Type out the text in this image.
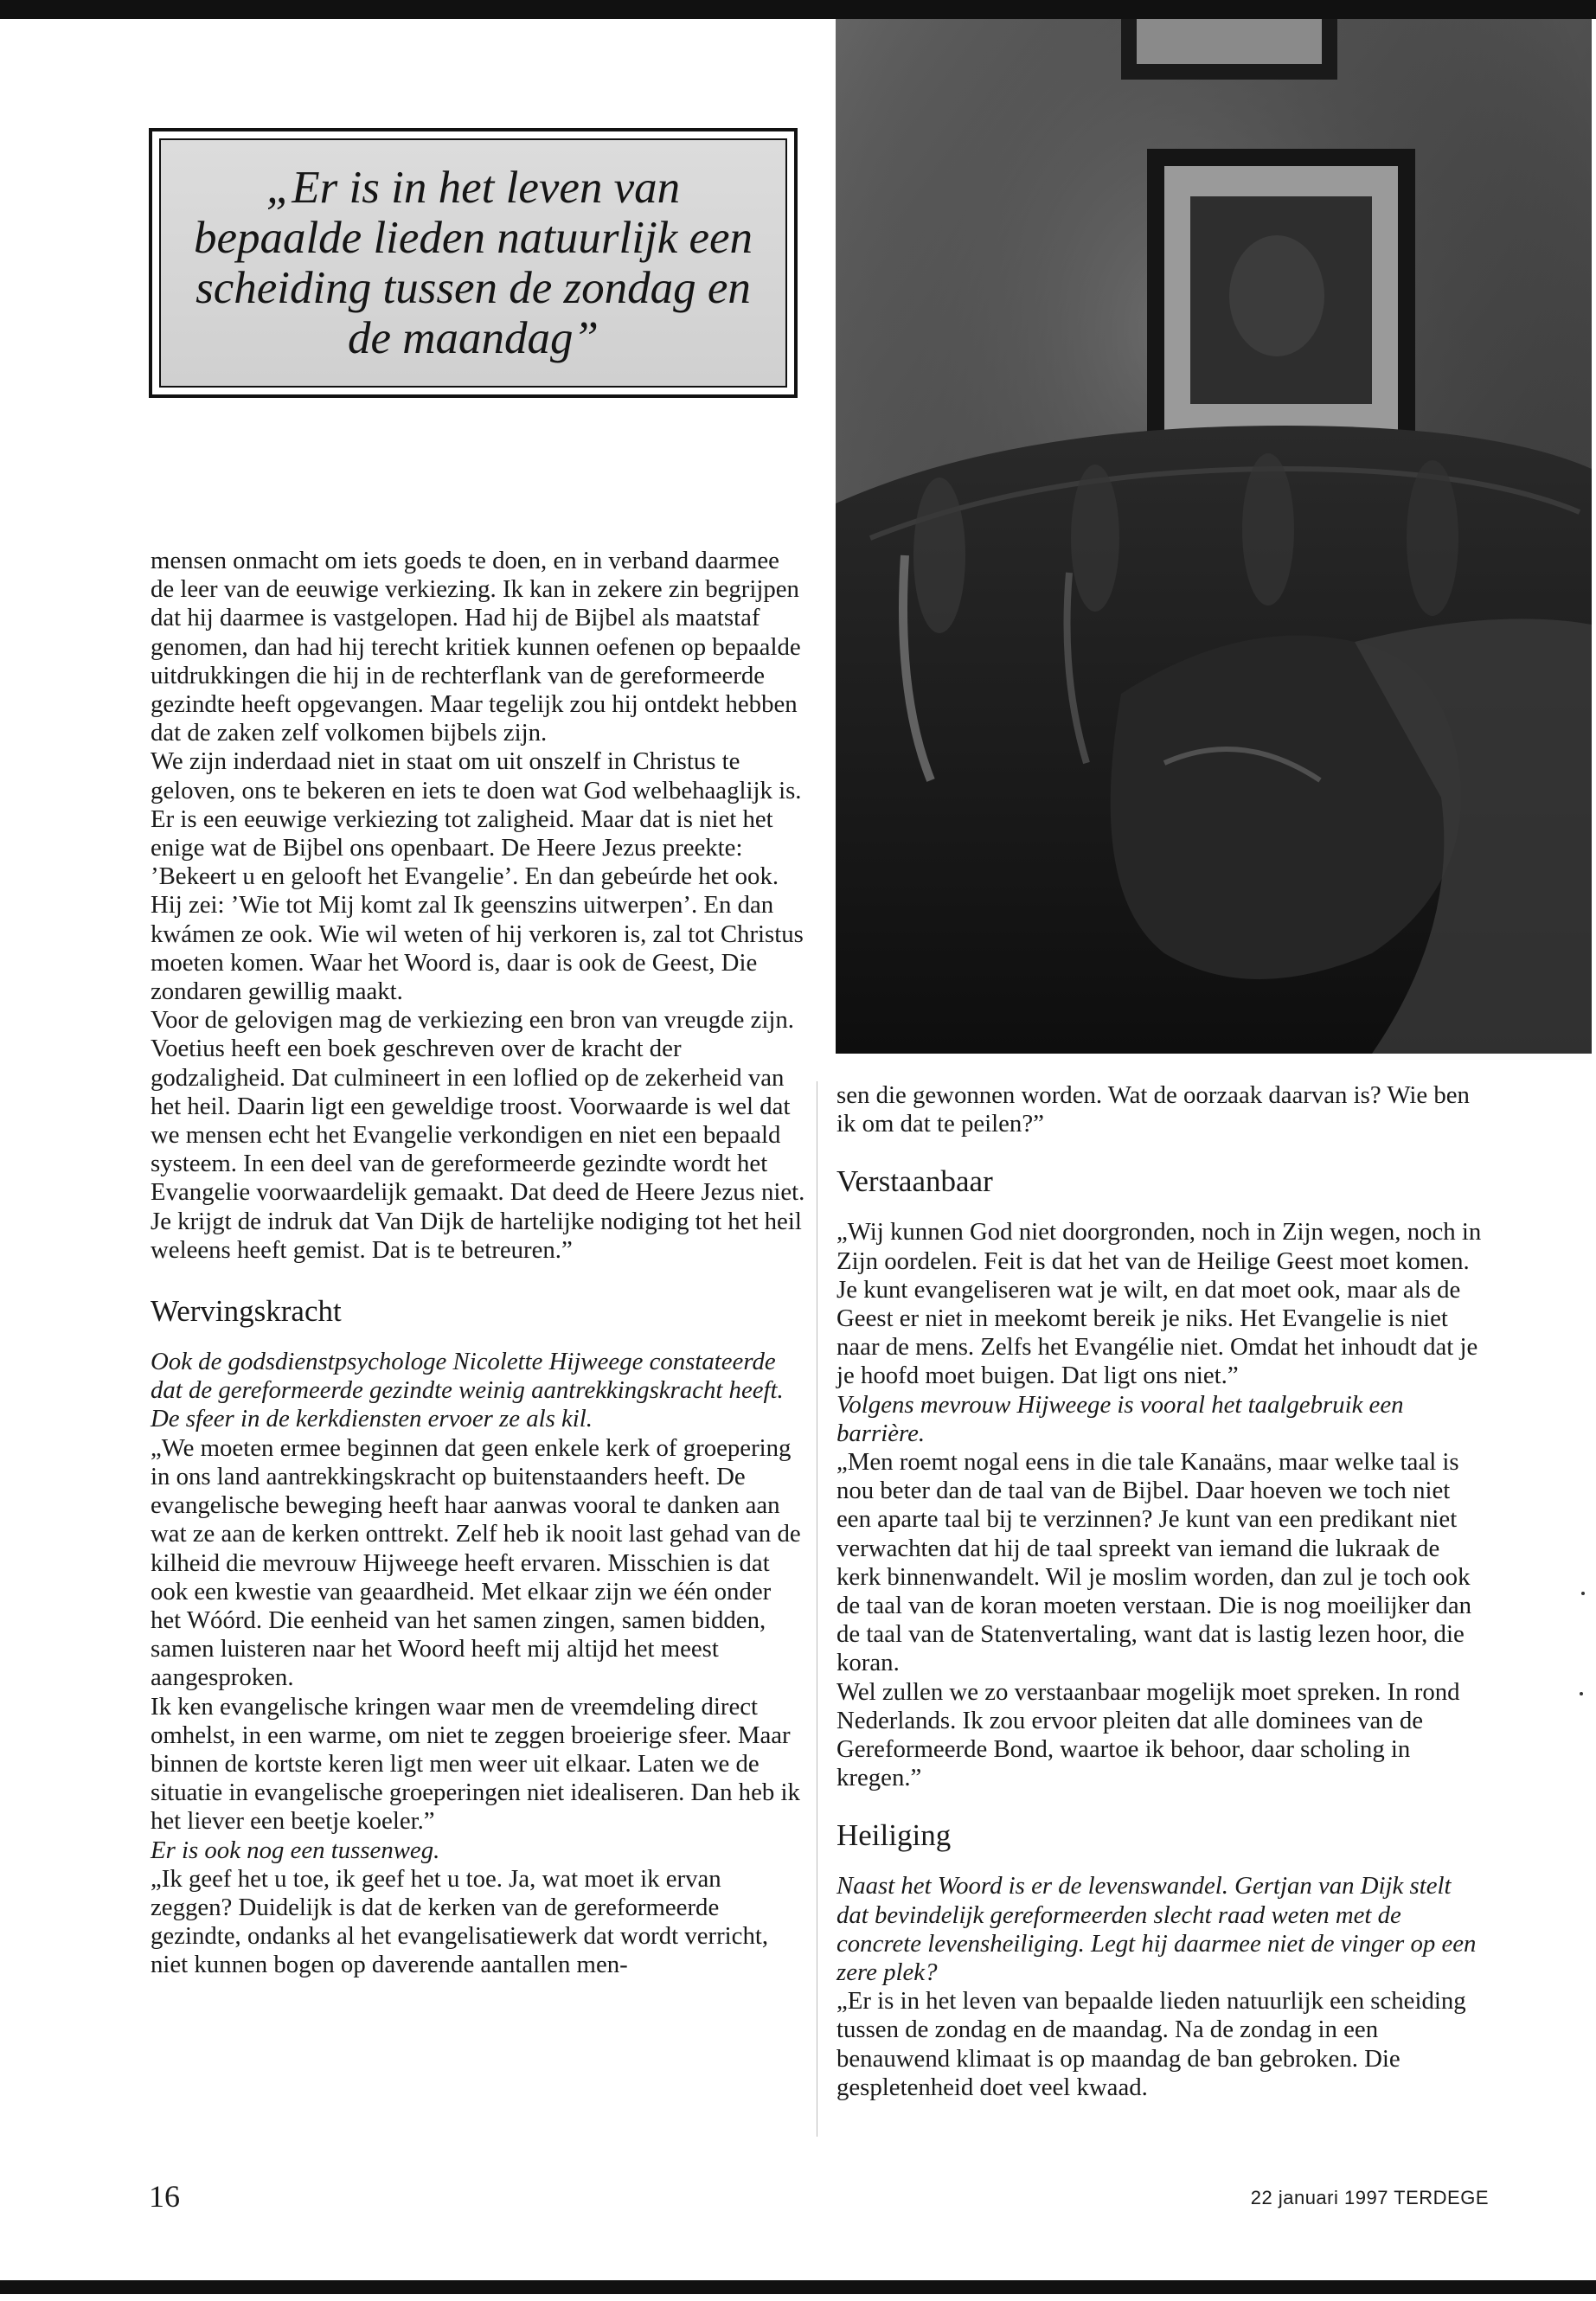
„Er is in het leven van bepaalde lieden natuurlijk een scheiding tussen de zondag en de maandag”

mensen onmacht om iets goeds te doen, en in verband daarmee de leer van de eeuwige verkiezing. Ik kan in zekere zin begrijpen dat hij daarmee is vastgelopen. Had hij de Bijbel als maatstaf genomen, dan had hij terecht kritiek kunnen oefenen op bepaalde uitdrukkingen die hij in de rechterflank van de gereformeerde gezindte heeft opgevangen. Maar tegelijk zou hij ontdekt hebben dat de zaken zelf volkomen bijbels zijn.

We zijn inderdaad niet in staat om uit onszelf in Christus te geloven, ons te bekeren en iets te doen wat God welbehaaglijk is. Er is een eeuwige verkiezing tot zaligheid. Maar dat is niet het enige wat de Bijbel ons openbaart. De Heere Jezus preekte: ’Bekeert u en gelooft het Evangelie’. En dan gebeúrde het ook. Hij zei: ’Wie tot Mij komt zal Ik geenszins uitwerpen’. En dan kwámen ze ook. Wie wil weten of hij verkoren is, zal tot Christus moeten komen. Waar het Woord is, daar is ook de Geest, Die zondaren gewillig maakt.

Voor de gelovigen mag de verkiezing een bron van vreugde zijn. Voetius heeft een boek geschreven over de kracht der godzaligheid. Dat culmineert in een loflied op de zekerheid van het heil. Daarin ligt een geweldige troost. Voorwaarde is wel dat we mensen echt het Evangelie verkondigen en niet een bepaald systeem. In een deel van de gereformeerde gezindte wordt het Evangelie voorwaardelijk gemaakt. Dat deed de Heere Jezus niet. Je krijgt de indruk dat Van Dijk de hartelijke nodiging tot het heil weleens heeft gemist. Dat is te betreuren.”

Wervingskracht

Ook de godsdienstpsychologe Nicolette Hijweege constateerde dat de gereformeerde gezindte weinig aantrekkingskracht heeft. De sfeer in de kerkdiensten ervoer ze als kil.

„We moeten ermee beginnen dat geen enkele kerk of groepering in ons land aantrekkingskracht op buitenstaanders heeft. De evangelische beweging heeft haar aanwas vooral te danken aan wat ze aan de kerken onttrekt. Zelf heb ik nooit last gehad van de kilheid die mevrouw Hijweege heeft ervaren. Misschien is dat ook een kwestie van geaardheid. Met elkaar zijn we één onder het Wóórd. Die eenheid van het samen zingen, samen bidden, samen luisteren naar het Woord heeft mij altijd het meest aangesproken.

Ik ken evangelische kringen waar men de vreemdeling direct omhelst, in een warme, om niet te zeggen broeierige sfeer. Maar binnen de kortste keren ligt men weer uit elkaar. Laten we de situatie in evangelische groeperingen niet idealiseren. Dan heb ik het liever een beetje koeler.”

Er is ook nog een tussenweg.

„Ik geef het u toe, ik geef het u toe. Ja, wat moet ik ervan zeggen? Duidelijk is dat de kerken van de gereformeerde gezindte, ondanks al het evangelisatiewerk dat wordt verricht, niet kunnen bogen op daverende aantallen men-

sen die gewonnen worden. Wat de oorzaak daarvan is? Wie ben ik om dat te peilen?”

Verstaanbaar

„Wij kunnen God niet doorgronden, noch in Zijn wegen, noch in Zijn oordelen. Feit is dat het van de Heilige Geest moet komen. Je kunt evangeliseren wat je wilt, en dat moet ook, maar als de Geest er niet in meekomt bereik je niks. Het Evangelie is niet naar de mens. Zelfs het Evangélie niet. Omdat het inhoudt dat je je hoofd moet buigen. Dat ligt ons niet.”

Volgens mevrouw Hijweege is vooral het taalgebruik een barrière.

„Men roemt nogal eens in die tale Kanaäns, maar welke taal is nou beter dan de taal van de Bijbel. Daar hoeven we toch niet een aparte taal bij te verzinnen? Je kunt van een predikant niet verwachten dat hij de taal spreekt van iemand die lukraak de kerk binnenwandelt. Wil je moslim worden, dan zul je toch ook de taal van de koran moeten verstaan. Die is nog moeilijker dan de taal van de Statenvertaling, want dat is lastig lezen hoor, die koran.

Wel zullen we zo verstaanbaar mogelijk moet spreken. In rond Nederlands. Ik zou ervoor pleiten dat alle dominees van de Gereformeerde Bond, waartoe ik behoor, daar scholing in kregen.”

Heiliging

Naast het Woord is er de levenswandel. Gertjan van Dijk stelt dat bevindelijk gereformeerden slecht raad weten met de concrete levensheiliging. Legt hij daarmee niet de vinger op een zere plek?

„Er is in het leven van bepaalde lieden natuurlijk een scheiding tussen de zondag en de maandag. Na de zondag in een benauwend klimaat is op maandag de ban gebroken. Die gespletenheid doet veel kwaad.

16	22 januari 1997 TERDEGE
